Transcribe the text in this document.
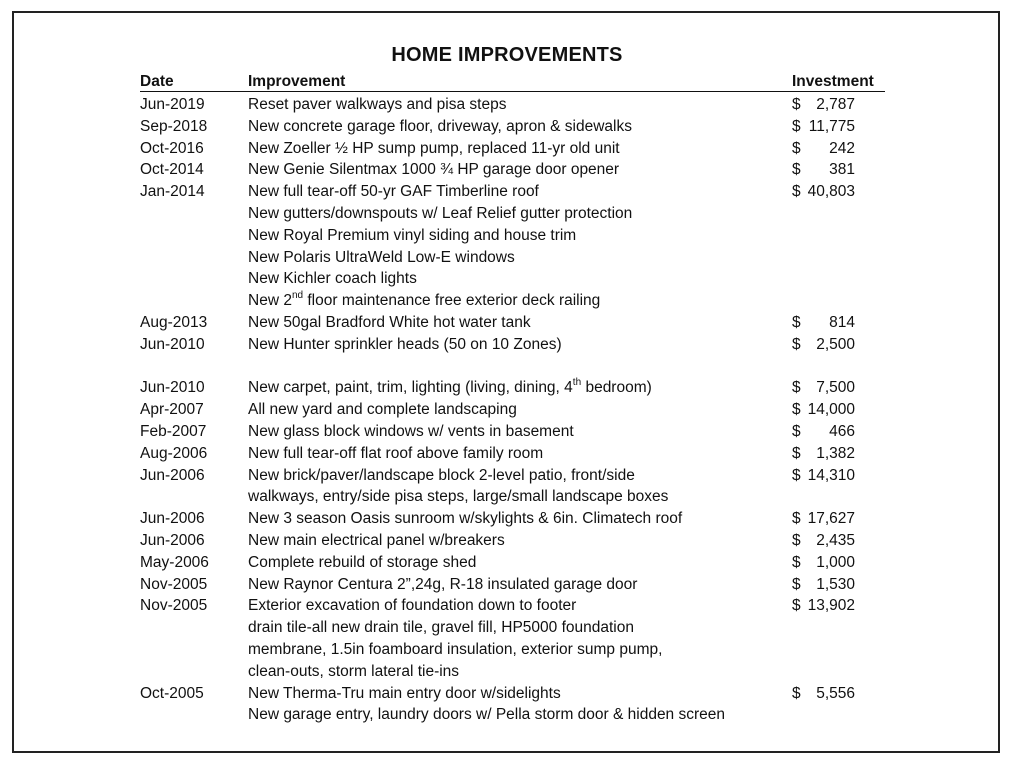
HOME IMPROVEMENTS
Date	Improvement	Investment
Jun-2019	Reset paver walkways and pisa steps	$ 2,787
Sep-2018	New concrete garage floor, driveway, apron & sidewalks	$ 11,775
Oct-2016	New Zoeller ½ HP sump pump, replaced 11-yr old unit	$ 242
Oct-2014	New Genie Silentmax 1000 ¾ HP garage door opener	$ 381
Jan-2014	New full tear-off 50-yr GAF Timberline roof	$ 40,803
New gutters/downspouts w/ Leaf Relief gutter protection
New Royal Premium vinyl siding and house trim
New Polaris UltraWeld Low-E windows
New Kichler coach lights
New 2nd floor maintenance free exterior deck railing
Aug-2013	New 50gal Bradford White hot water tank	$ 814
Jun-2010	New Hunter sprinkler heads (50 on 10 Zones)	$ 2,500
Jun-2010	New carpet, paint, trim, lighting (living, dining, 4th bedroom)	$ 7,500
Apr-2007	All new yard and complete landscaping	$ 14,000
Feb-2007	New glass block windows w/ vents in basement	$ 466
Aug-2006	New full tear-off flat roof above family room	$ 1,382
Jun-2006	New brick/paver/landscape block 2-level patio, front/side	$ 14,310
walkways, entry/side pisa steps, large/small landscape boxes
Jun-2006	New 3 season Oasis sunroom w/skylights & 6in. Climatech roof	$ 17,627
Jun-2006	New main electrical panel w/breakers	$ 2,435
May-2006	Complete rebuild of storage shed	$ 1,000
Nov-2005	New Raynor Centura 2”,24g, R-18 insulated garage door	$ 1,530
Nov-2005	Exterior excavation of foundation down to footer	$ 13,902
drain tile-all new drain tile, gravel fill, HP5000 foundation
membrane, 1.5in foamboard insulation, exterior sump pump,
clean-outs, storm lateral tie-ins
Oct-2005	New Therma-Tru main entry door w/sidelights	$ 5,556
New garage entry, laundry doors w/ Pella storm door & hidden screen
